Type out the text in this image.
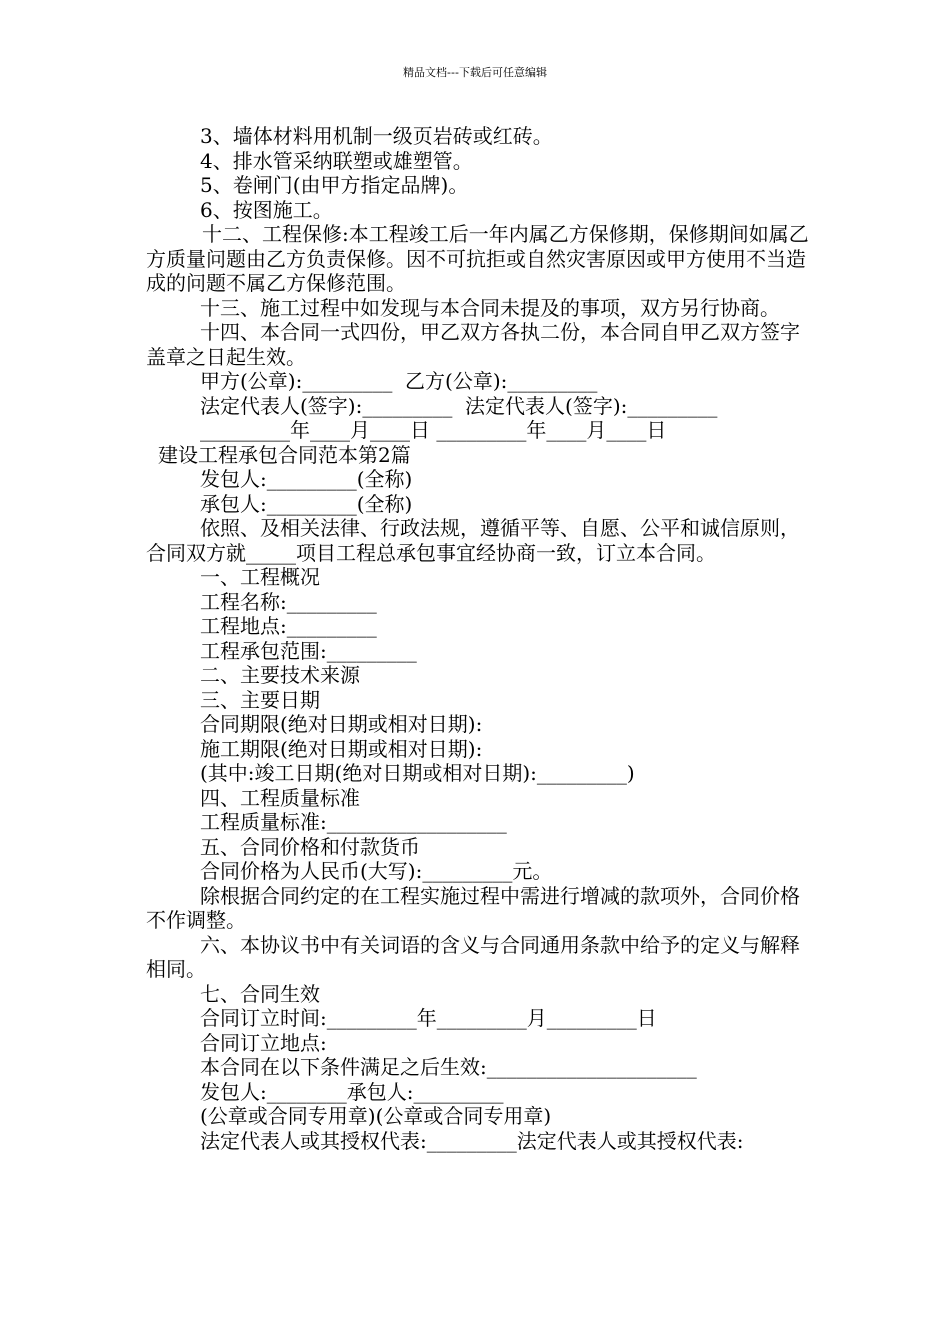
精品文档---下载后可任意编辑

3、墙体材料用机制一级页岩砖或红砖。

4、排水管采纳联塑或雄塑管。

5、卷闸门(由甲方指定品牌)。

6、按图施工。

十二、工程保修:本工程竣工后一年内属乙方保修期，保修期间如属乙方质量问题由乙方负责保修。因不可抗拒或自然灾害原因或甲方使用不当造成的问题不属乙方保修范围。

十三、施工过程中如发现与本合同未提及的事项，双方另行协商。

十四、本合同一式四份，甲乙双方各执二份，本合同自甲乙双方签字盖章之日起生效。

甲方(公章):_________  乙方(公章):_________

法定代表人(签字):_________  法定代表人(签字):_________

_________年____月____日 _________年____月____日

建设工程承包合同范本第2篇

发包人:_________(全称)

承包人:_________(全称)

依照、及相关法律、行政法规，遵循平等、自愿、公平和诚信原则，合同双方就_____项目工程总承包事宜经协商一致，订立本合同。

一、工程概况

工程名称:_________

工程地点:_________

工程承包范围:_________

二、主要技术来源

三、主要日期

合同期限(绝对日期或相对日期):

施工期限(绝对日期或相对日期):

(其中:竣工日期(绝对日期或相对日期):_________)

四、工程质量标准

工程质量标准:__________________

五、合同价格和付款货币

合同价格为人民币(大写):_________元。

除根据合同约定的在工程实施过程中需进行增减的款项外，合同价格不作调整。

六、本协议书中有关词语的含义与合同通用条款中给予的定义与解释相同。

七、合同生效

合同订立时间:_________年_________月_________日

合同订立地点:

本合同在以下条件满足之后生效:_____________________

发包人:________承包人:_________

(公章或合同专用章)(公章或合同专用章)

法定代表人或其授权代表:_________法定代表人或其授权代表:
